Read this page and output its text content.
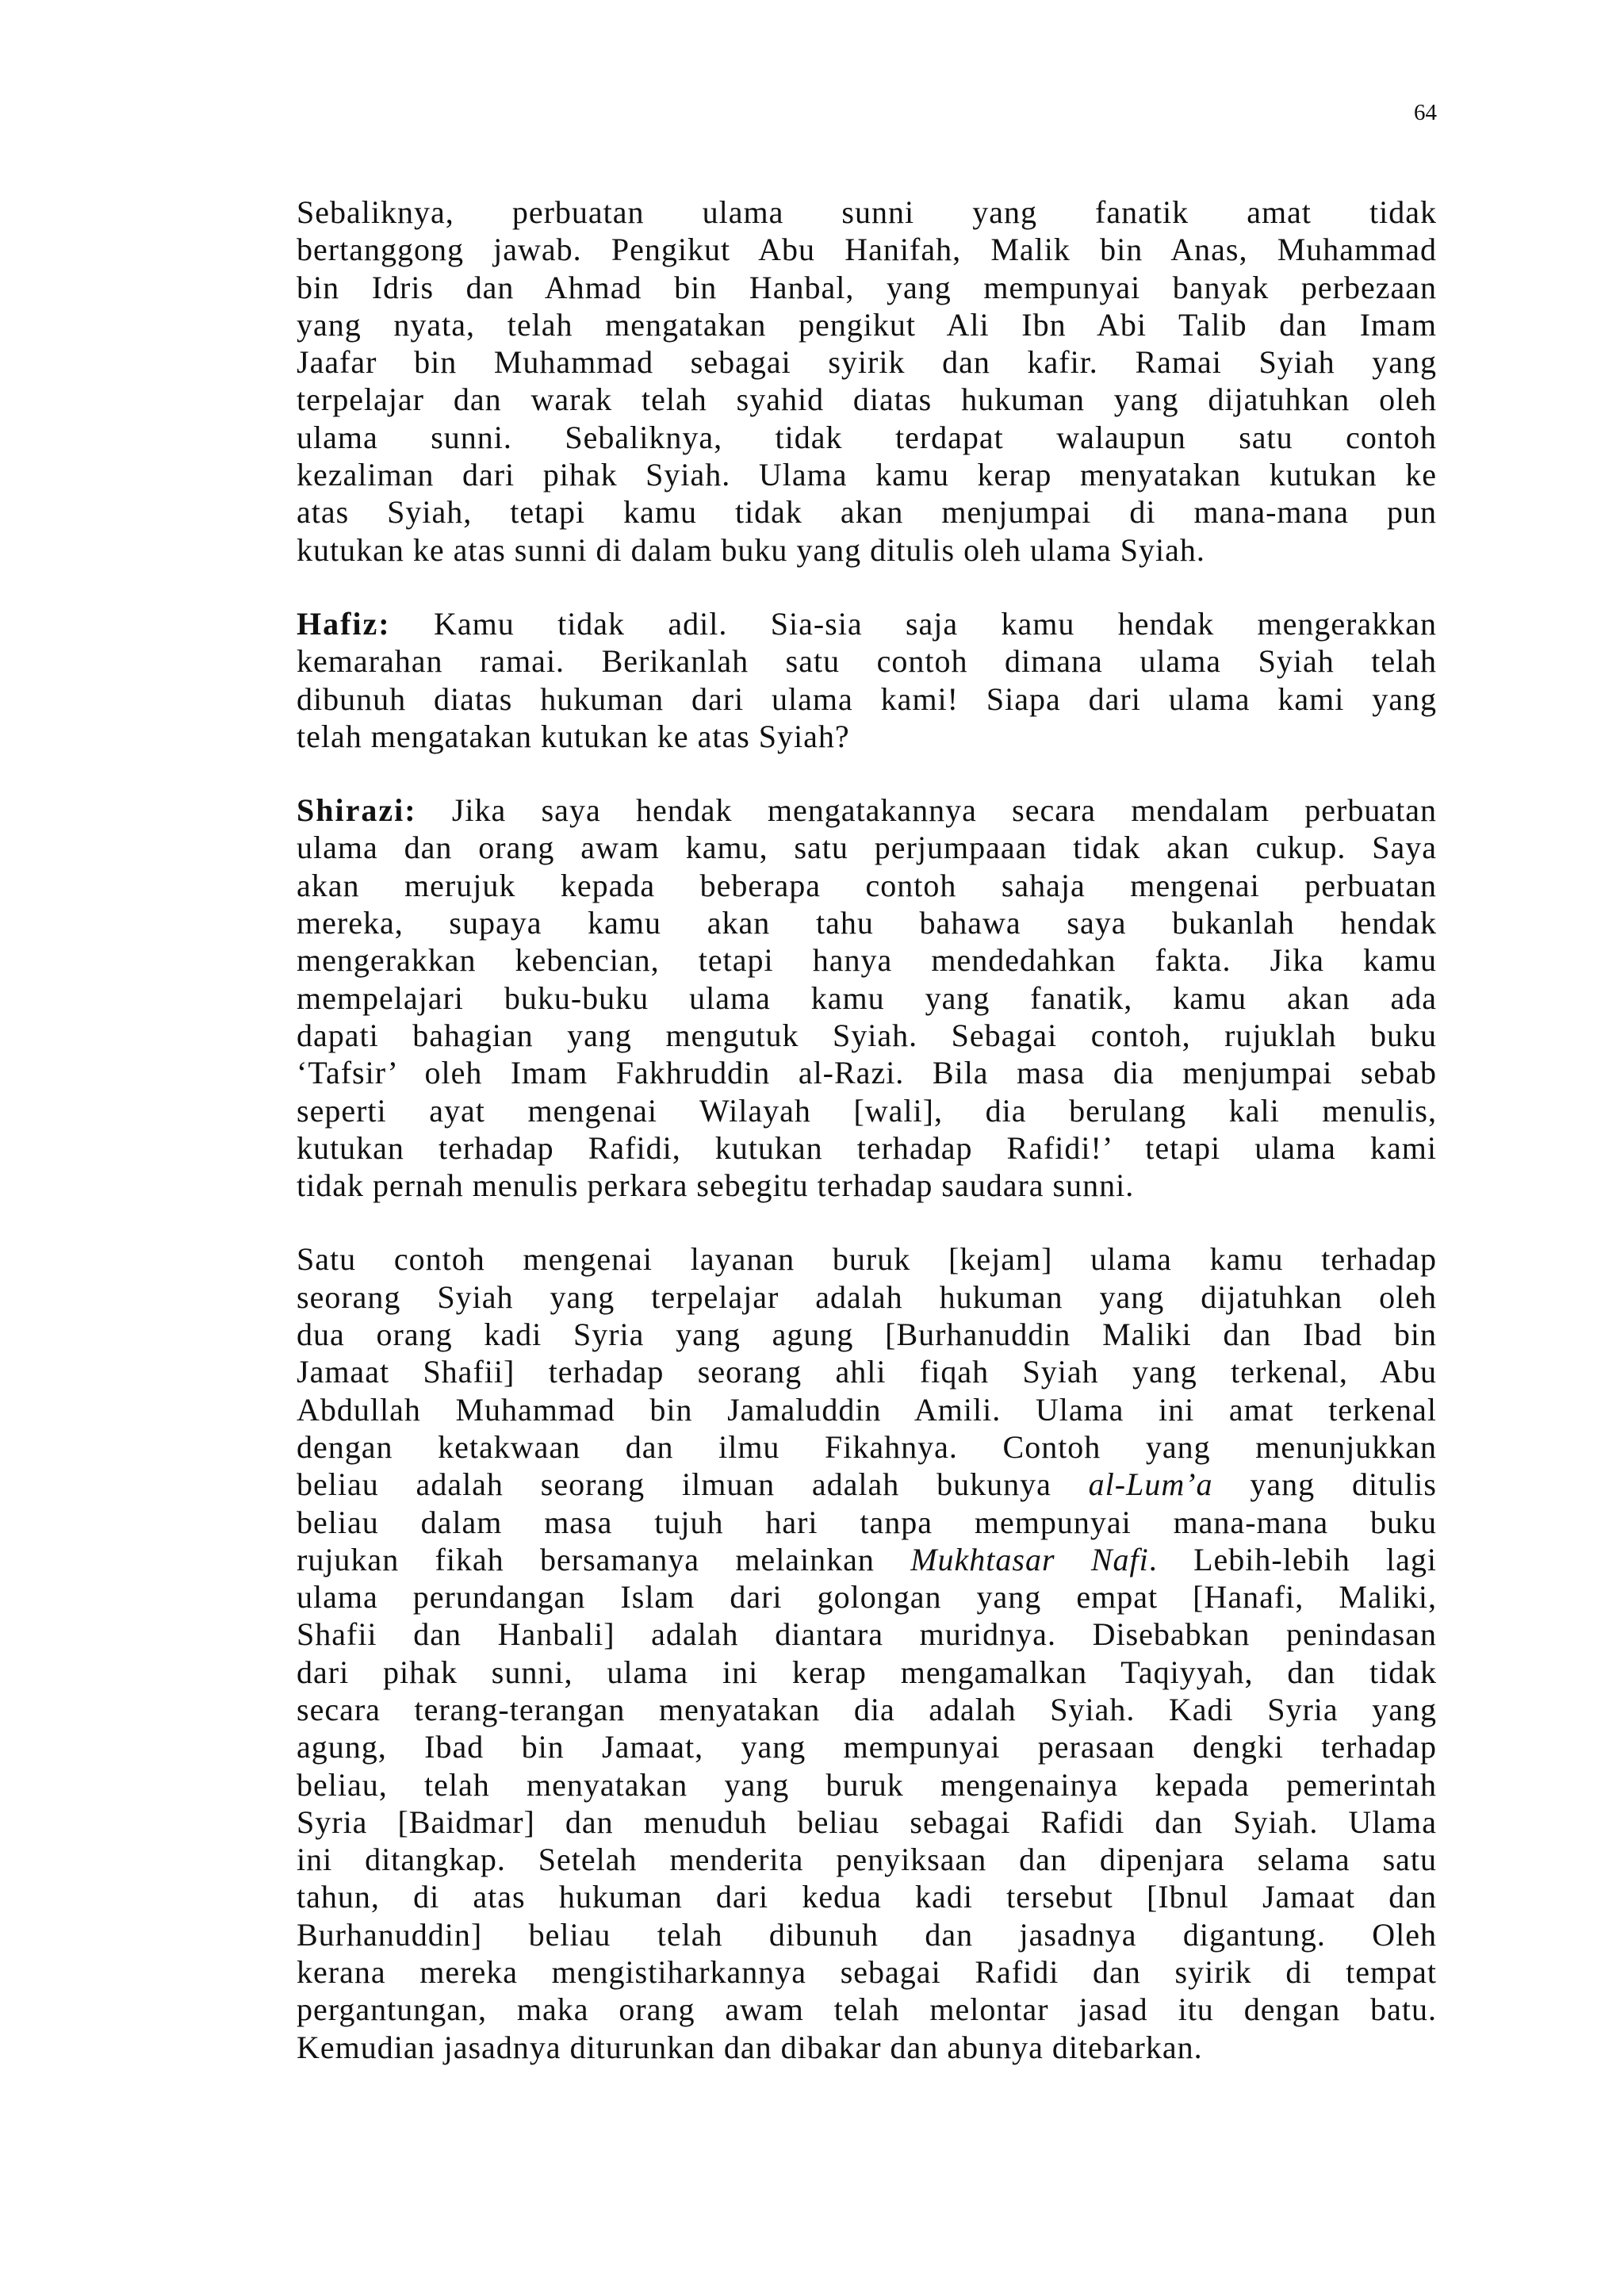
64

Sebaliknya, perbuatan ulama sunni yang fanatik amat tidak
bertanggong jawab. Pengikut Abu Hanifah, Malik bin Anas, Muhammad
bin Idris dan Ahmad bin Hanbal, yang mempunyai banyak perbezaan
yang nyata, telah mengatakan pengikut Ali Ibn Abi Talib dan Imam
Jaafar bin Muhammad sebagai syirik dan kafir. Ramai Syiah yang
terpelajar dan warak telah syahid diatas hukuman yang dijatuhkan oleh
ulama sunni. Sebaliknya, tidak terdapat walaupun satu contoh
kezaliman dari pihak Syiah. Ulama kamu kerap menyatakan kutukan ke
atas Syiah, tetapi kamu tidak akan menjumpai di mana-mana pun
kutukan ke atas sunni di dalam buku yang ditulis oleh ulama Syiah.

Hafiz: Kamu tidak adil. Sia-sia saja kamu hendak mengerakkan
kemarahan ramai. Berikanlah satu contoh dimana ulama Syiah telah
dibunuh diatas hukuman dari ulama kami! Siapa dari ulama kami yang
telah mengatakan kutukan ke atas Syiah?

Shirazi: Jika saya hendak mengatakannya secara mendalam perbuatan
ulama dan orang awam kamu, satu perjumpaaan tidak akan cukup. Saya
akan merujuk kepada beberapa contoh sahaja mengenai perbuatan
mereka, supaya kamu akan tahu bahawa saya bukanlah hendak
mengerakkan kebencian, tetapi hanya mendedahkan fakta. Jika kamu
mempelajari buku-buku ulama kamu yang fanatik, kamu akan ada
dapati bahagian yang mengutuk Syiah. Sebagai contoh, rujuklah buku
‘Tafsir’ oleh Imam Fakhruddin al-Razi. Bila masa dia menjumpai sebab
seperti ayat mengenai Wilayah [wali], dia berulang kali menulis,
kutukan terhadap Rafidi, kutukan terhadap Rafidi!’ tetapi ulama kami
tidak pernah menulis perkara sebegitu terhadap saudara sunni.

Satu contoh mengenai layanan buruk [kejam] ulama kamu terhadap
seorang Syiah yang terpelajar adalah hukuman yang dijatuhkan oleh
dua orang kadi Syria yang agung [Burhanuddin Maliki dan Ibad bin
Jamaat Shafii] terhadap seorang ahli fiqah Syiah yang terkenal, Abu
Abdullah Muhammad bin Jamaluddin Amili. Ulama ini amat terkenal
dengan ketakwaan dan ilmu Fikahnya. Contoh yang menunjukkan
beliau adalah seorang ilmuan adalah bukunya al-Lum’a yang ditulis
beliau dalam masa tujuh hari tanpa mempunyai mana-mana buku
rujukan fikah bersamanya melainkan Mukhtasar Nafi. Lebih-lebih lagi
ulama perundangan Islam dari golongan yang empat [Hanafi, Maliki,
Shafii dan Hanbali] adalah diantara muridnya. Disebabkan penindasan
dari pihak sunni, ulama ini kerap mengamalkan Taqiyyah, dan tidak
secara terang-terangan menyatakan dia adalah Syiah. Kadi Syria yang
agung, Ibad bin Jamaat, yang mempunyai perasaan dengki terhadap
beliau, telah menyatakan yang buruk mengenainya kepada pemerintah
Syria [Baidmar] dan menuduh beliau sebagai Rafidi dan Syiah. Ulama
ini ditangkap. Setelah menderita penyiksaan dan dipenjara selama satu
tahun, di atas hukuman dari kedua kadi tersebut [Ibnul Jamaat dan
Burhanuddin] beliau telah dibunuh dan jasadnya digantung. Oleh
kerana mereka mengistiharkannya sebagai Rafidi dan syirik di tempat
pergantungan, maka orang awam telah melontar jasad itu dengan batu.
Kemudian jasadnya diturunkan dan dibakar dan abunya ditebarkan.
